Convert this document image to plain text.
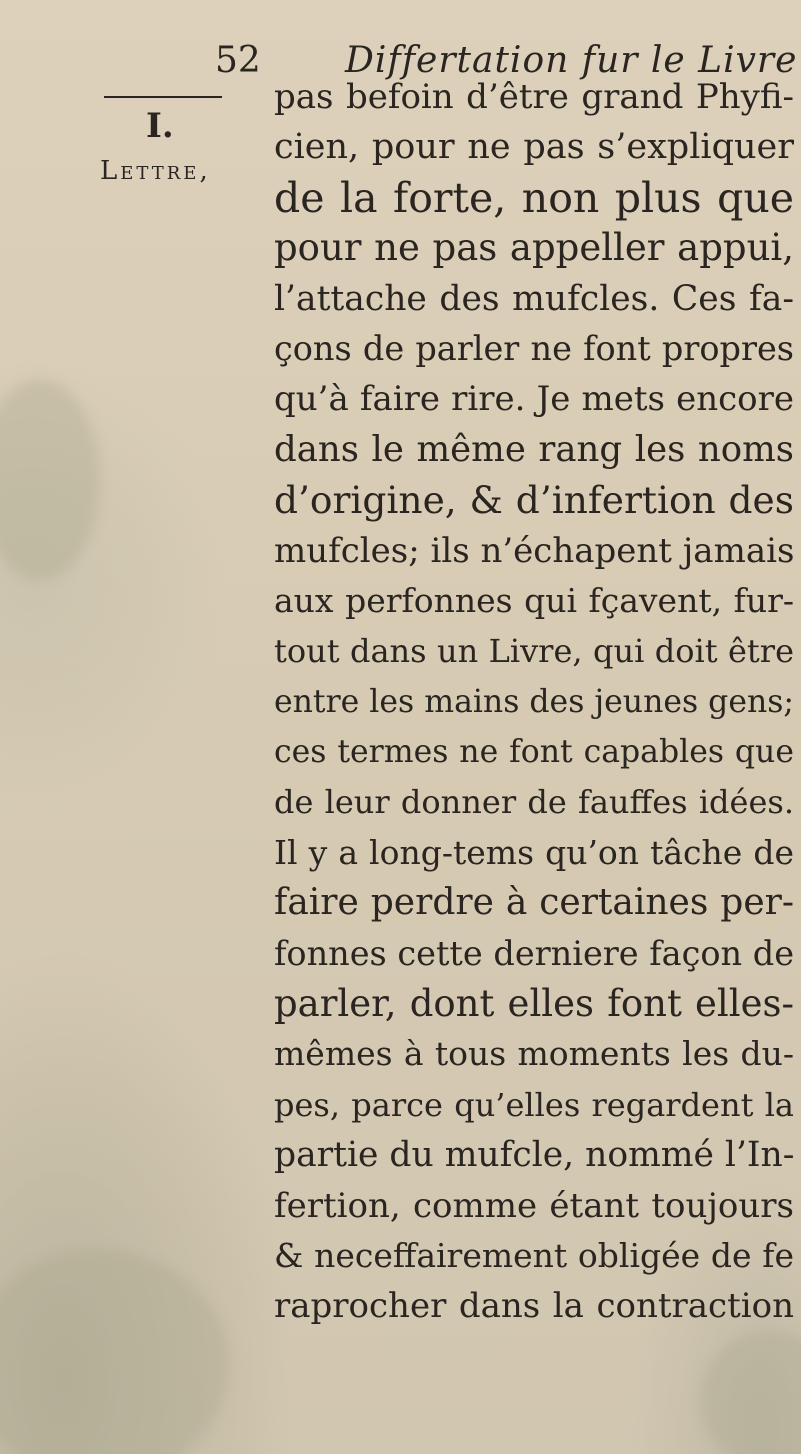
52 Differtation fur le Livre
I.
Lettre,
pas befoin d’être grand Phyfi-
cien, pour ne pas s’expliquer
de la forte, non plus que
pour ne pas appeller appui,
l’attache des mufcles. Ces fa-
çons de parler ne font propres
qu’à faire rire. Je mets encore
dans le même rang les noms
d’origine, & d’infertion des
mufcles; ils n’échapent jamais
aux perfonnes qui fçavent, fur-
tout dans un Livre, qui doit être
entre les mains des jeunes gens;
ces termes ne font capables que
de leur donner de fauffes idées.
Il y a long-tems qu’on tâche de
faire perdre à certaines per-
fonnes cette derniere façon de
parler, dont elles font elles-
mêmes à tous moments les du-
pes, parce qu’elles regardent la
partie du mufcle, nommé l’In-
fertion, comme étant toujours
& neceffairement obligée de fe
raprocher dans la contraction
